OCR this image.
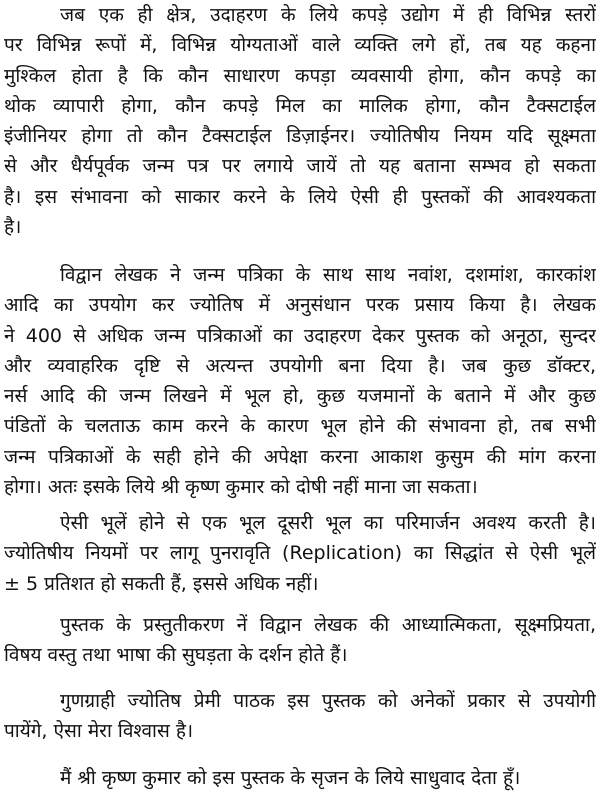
जब एक ही क्षेत्र, उदाहरण के लिये कपड़े उद्योग में ही विभिन्न स्तरों
पर विभिन्न रूपों में, विभिन्न योग्यताओं वाले व्यक्ति लगे हों, तब यह कहना
मुश्किल होता है कि कौन साधारण कपड़ा व्यवसायी होगा, कौन कपड़े का
थोक व्यापारी होगा, कौन कपड़े मिल का मालिक होगा, कौन टैक्सटाईल
इंजीनियर होगा तो कौन टैक्सटाईल डिज़ाईनर। ज्योतिषीय नियम यदि सूक्ष्मता
से और धैर्यपूर्वक जन्म पत्र पर लगाये जायें तो यह बताना सम्भव हो सकता
है। इस संभावना को साकार करने के लिये ऐसी ही पुस्तकों की आवश्यकता
है।
विद्वान लेखक ने जन्म पत्रिका के साथ साथ नवांश, दशमांश, कारकांश
आदि का उपयोग कर ज्योतिष में अनुसंधान परक प्रसाय किया है। लेखक
ने 400 से अधिक जन्म पत्रिकाओं का उदाहरण देकर पुस्तक को अनूठा, सुन्दर
और व्यवाहरिक दृष्टि से अत्यन्त उपयोगी बना दिया है। जब कुछ डॉक्टर,
नर्स आदि की जन्म लिखने में भूल हो, कुछ यजमानों के बताने में और कुछ
पंडितों के चलताऊ काम करने के कारण भूल होने की संभावना हो, तब सभी
जन्म पत्रिकाओं के सही होने की अपेक्षा करना आकाश कुसुम की मांग करना
होगा। अतः इसके लिये श्री कृष्ण कुमार को दोषी नहीं माना जा सकता।
ऐसी भूलें होने से एक भूल दूसरी भूल का परिमार्जन अवश्य करती है।
ज्योतिषीय नियमों पर लागू पुनरावृति (Replication) का सिद्धांत से ऐसी भूलें
± 5 प्रतिशत हो सकती हैं, इससे अधिक नहीं।
पुस्तक के प्रस्तुतीकरण नें विद्वान लेखक की आध्यात्मिकता, सूक्ष्मप्रियता,
विषय वस्तु तथा भाषा की सुघड़ता के दर्शन होते हैं।
गुणग्राही ज्योतिष प्रेमी पाठक इस पुस्तक को अनेकों प्रकार से उपयोगी
पायेंगे, ऐसा मेरा विश्वास है।
मैं श्री कृष्ण कुमार को इस पुस्तक के सृजन के लिये साधुवाद देता हूँ।
